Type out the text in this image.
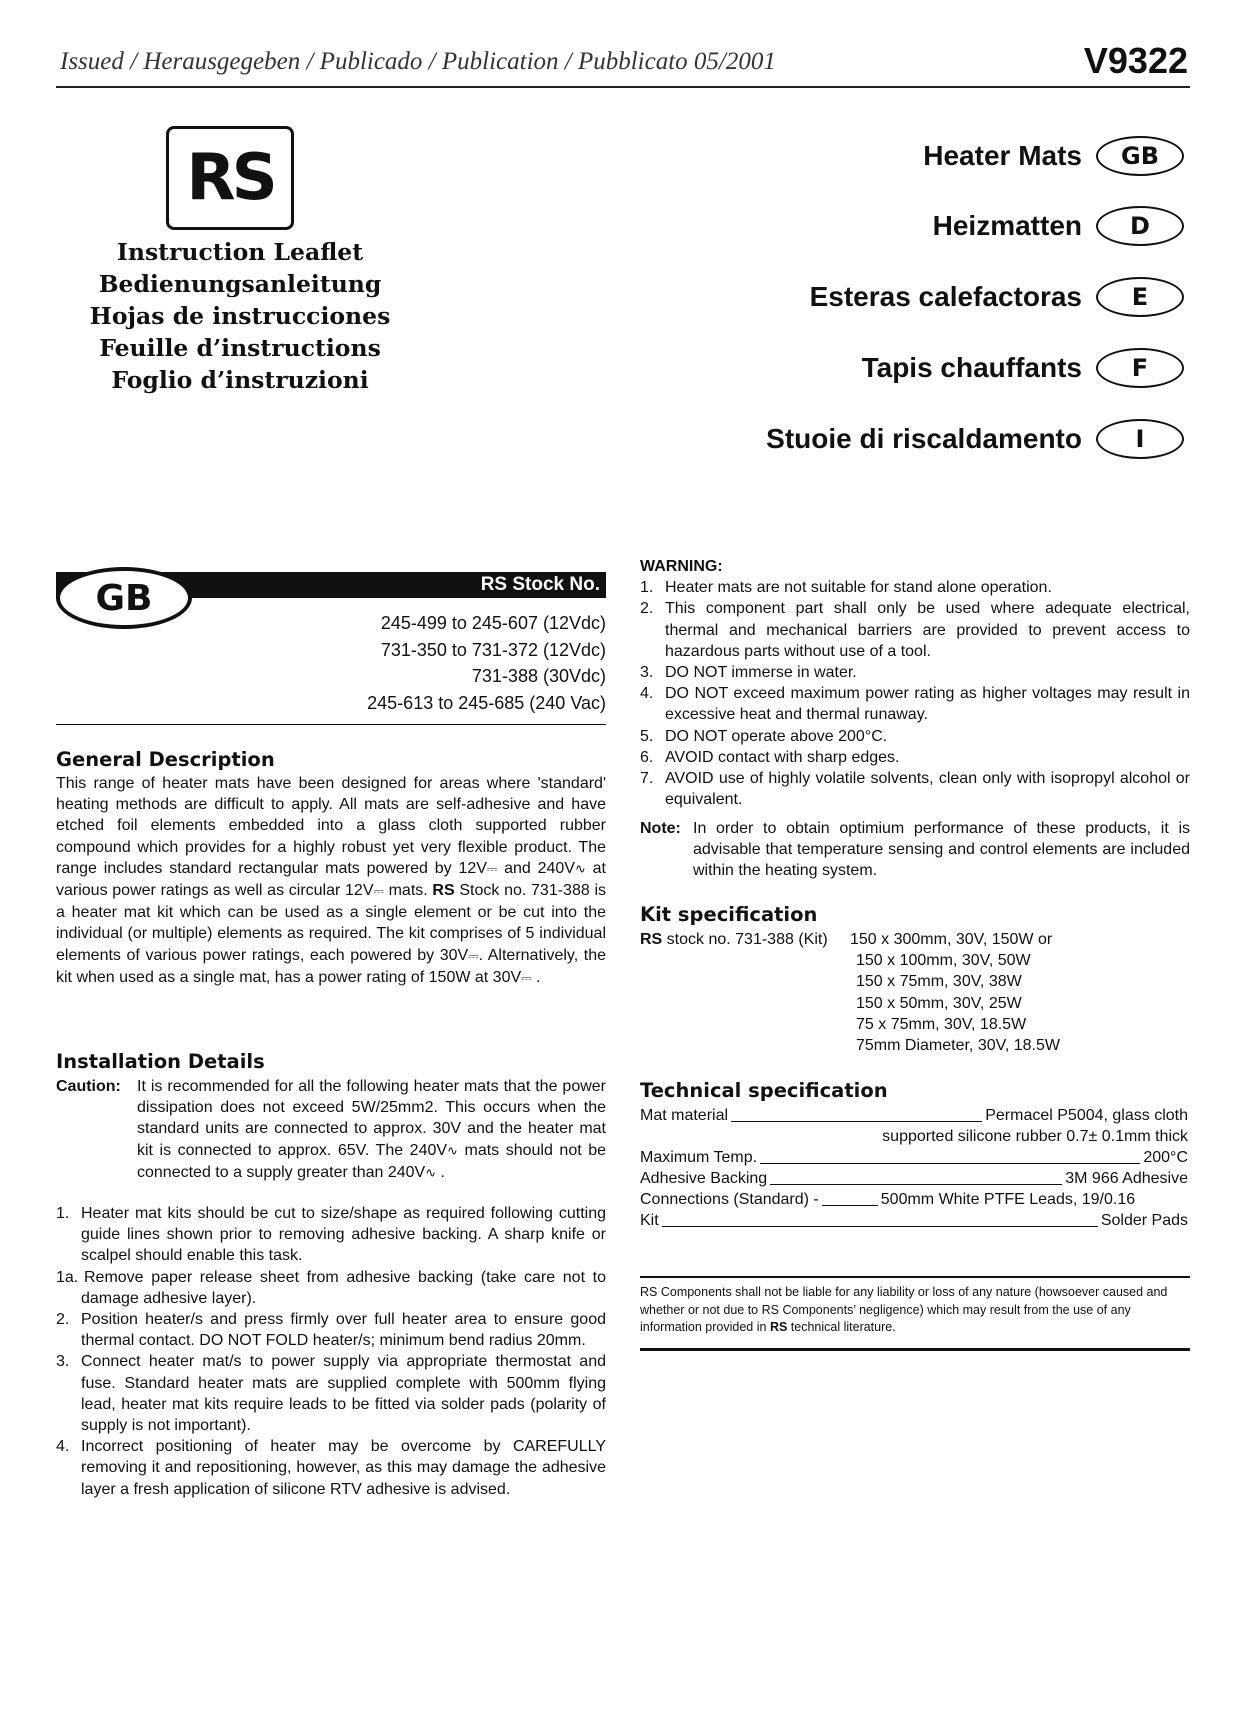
Issued / Herausgegeben / Publicado / Publication / Pubblicato 05/2001	V9322
RS
Instruction Leaflet
Bedienungsanleitung
Hojas de instrucciones
Feuille d’instructions
Foglio d’instruzioni
Heater Mats	GB
Heizmatten	D
Esteras calefactoras	E
Tapis chauffants	F
Stuoie di riscaldamento	I
GB	RS Stock No.
245-499 to 245-607 (12Vdc)
731-350 to 731-372 (12Vdc)
731-388 (30Vdc)
245-613 to 245-685 (240 Vac)
General Description
This range of heater mats have been designed for areas where 'standard' heating methods are difficult to apply. All mats are self-adhesive and have etched foil elements embedded into a glass cloth supported rubber compound which provides for a highly robust yet very flexible product. The range includes standard rectangular mats powered by 12V⎓ and 240V∿ at various power ratings as well as circular 12V⎓ mats. RS Stock no. 731-388 is a heater mat kit which can be used as a single element or be cut into the individual (or multiple) elements as required. The kit comprises of 5 individual elements of various power ratings, each powered by 30V⎓. Alternatively, the kit when used as a single mat, has a power rating of 150W at 30V⎓ .
Installation Details
Caution:	It is recommended for all the following heater mats that the power dissipation does not exceed 5W/25mm2. This occurs when the standard units are connected to approx. 30V and the heater mat kit is connected to approx. 65V. The 240V∿ mats should not be connected to a supply greater than 240V∿ .
1. Heater mat kits should be cut to size/shape as required following cutting guide lines shown prior to removing adhesive backing. A sharp knife or scalpel should enable this task.
1a. Remove paper release sheet from adhesive backing (take care not to damage adhesive layer).
2. Position heater/s and press firmly over full heater area to ensure good thermal contact. DO NOT FOLD heater/s; minimum bend radius 20mm.
3. Connect heater mat/s to power supply via appropriate thermostat and fuse. Standard heater mats are supplied complete with 500mm flying lead, heater mat kits require leads to be fitted via solder pads (polarity of supply is not important).
4. Incorrect positioning of heater may be overcome by CAREFULLY removing it and repositioning, however, as this may damage the adhesive layer a fresh application of silicone RTV adhesive is advised.
WARNING:
1. Heater mats are not suitable for stand alone operation.
2. This component part shall only be used where adequate electrical, thermal and mechanical barriers are provided to prevent access to hazardous parts without use of a tool.
3. DO NOT immerse in water.
4. DO NOT exceed maximum power rating as higher voltages may result in excessive heat and thermal runaway.
5. DO NOT operate above 200°C.
6. AVOID contact with sharp edges.
7. AVOID use of highly volatile solvents, clean only with isopropyl alcohol or equivalent.
Note: In order to obtain optimium performance of these products, it is advisable that temperature sensing and control elements are included within the heating system.
Kit specification
RS stock no. 731-388 (Kit)	150 x 300mm, 30V, 150W or
150 x 100mm, 30V, 50W
150 x 75mm, 30V, 38W
150 x 50mm, 30V, 25W
75 x 75mm, 30V, 18.5W
75mm Diameter, 30V, 18.5W
Technical specification
Mat material	Permacel P5004, glass cloth
supported silicone rubber 0.7± 0.1mm thick
Maximum Temp.	200°C
Adhesive Backing	3M 966 Adhesive
Connections (Standard) -	500mm White PTFE Leads, 19/0.16
Kit	Solder Pads
RS Components shall not be liable for any liability or loss of any nature (howsoever caused and whether or not due to RS Components’ negligence) which may result from the use of any information provided in RS technical literature.
